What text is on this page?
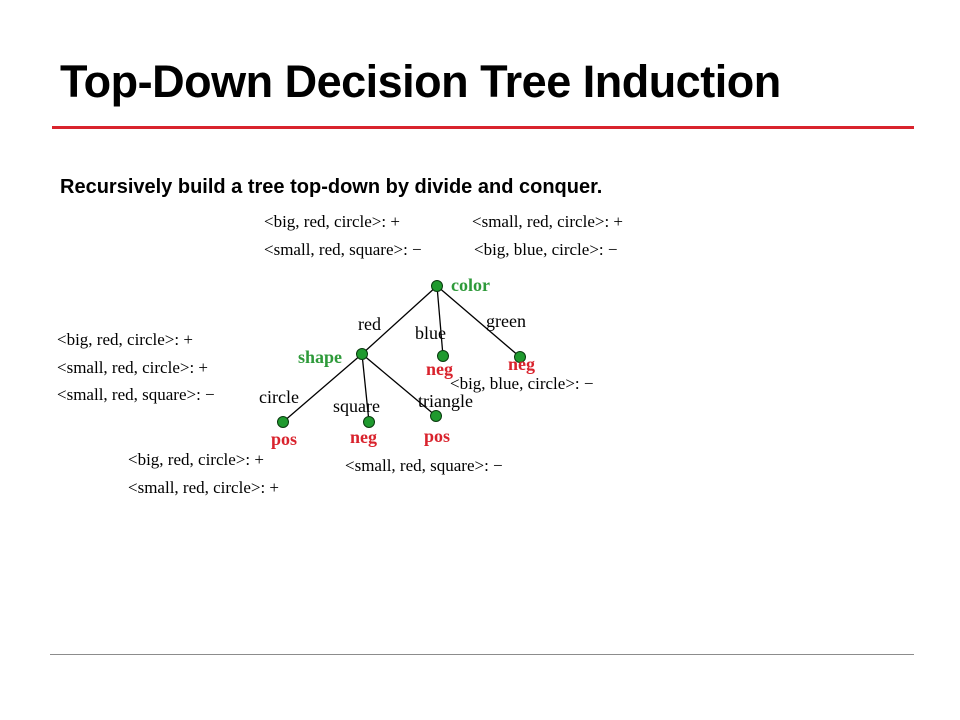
Top-Down Decision Tree Induction
Recursively build a tree top-down by divide and conquer.
<big, red, circle>: +	<small, red, circle>: +
<small, red, square>: −	<big, blue, circle>: −
color
shape
red blue
green
circle square triangle
neg	neg
pos	neg	pos
<big, red, circle>: +
<small, red, circle>: +
<small, red, square>: −
<big, blue, circle>: −
<big, red, circle>: +
<small, red, circle>: +
<small, red, square>: −
